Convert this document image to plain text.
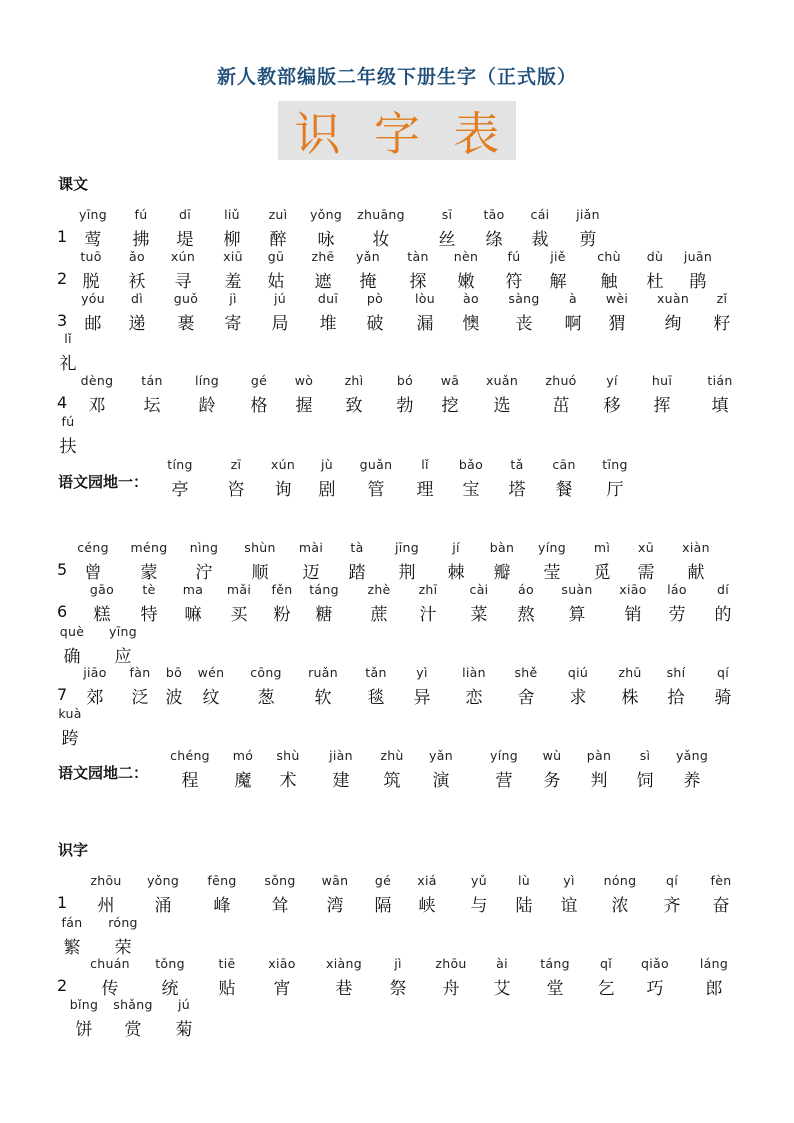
新人教部编版二年级下册生字（正式版）
识 字 表
课文
语文园地一：
语文园地二：
识字
1
yīng
莺
fú
拂
dī
堤
liǔ
柳
zuì
醉
yǒng
咏
zhuāng
妆
sī
丝
tāo
绦
cái
裁
jiǎn
剪
2
tuō
脱
ǎo
袄
xún
寻
xiū
羞
gū
姑
zhē
遮
yǎn
掩
tàn
探
nèn
嫩
fú
符
jiě
解
chù
触
dù
杜
juān
鹃
3
yóu
邮
dì
递
guǒ
裹
jì
寄
jú
局
duī
堆
pò
破
lòu
漏
ào
懊
sàng
丧
à
啊
wèi
猬
xuàn
绚
zǐ
籽
lǐ
礼
4
dèng
邓
tán
坛
líng
龄
gé
格
wò
握
zhì
致
bó
勃
wā
挖
xuǎn
选
zhuó
茁
yí
移
huī
挥
tián
填
fú
扶
tíng
亭
zī
咨
xún
询
jù
剧
guǎn
管
lǐ
理
bǎo
宝
tǎ
塔
cān
餐
tīng
厅
5
céng
曾
méng
蒙
nìng
泞
shùn
顺
mài
迈
tà
踏
jīng
荆
jí
棘
bàn
瓣
yíng
莹
mì
觅
xū
需
xiàn
献
6
gāo
糕
tè
特
ma
嘛
mǎi
买
fěn
粉
táng
糖
zhè
蔗
zhī
汁
cài
菜
áo
熬
suàn
算
xiāo
销
láo
劳
dí
的
què
确
yīng
应
7
jiāo
郊
fàn
泛
bō
波
wén
纹
cōng
葱
ruǎn
软
tǎn
毯
yì
异
liàn
恋
shě
舍
qiú
求
zhū
株
shí
拾
qí
骑
kuà
跨
chéng
程
mó
魔
shù
术
jiàn
建
zhù
筑
yǎn
演
yíng
营
wù
务
pàn
判
sì
饲
yǎng
养
1
zhōu
州
yǒng
涌
fēng
峰
sǒng
耸
wān
湾
gé
隔
xiá
峡
yǔ
与
lù
陆
yì
谊
nóng
浓
qí
齐
fèn
奋
fán
繁
róng
荣
2
chuán
传
tǒng
统
tiē
贴
xiāo
宵
xiàng
巷
jì
祭
zhōu
舟
ài
艾
táng
堂
qǐ
乞
qiǎo
巧
láng
郎
bǐng
饼
shǎng
赏
jú
菊
